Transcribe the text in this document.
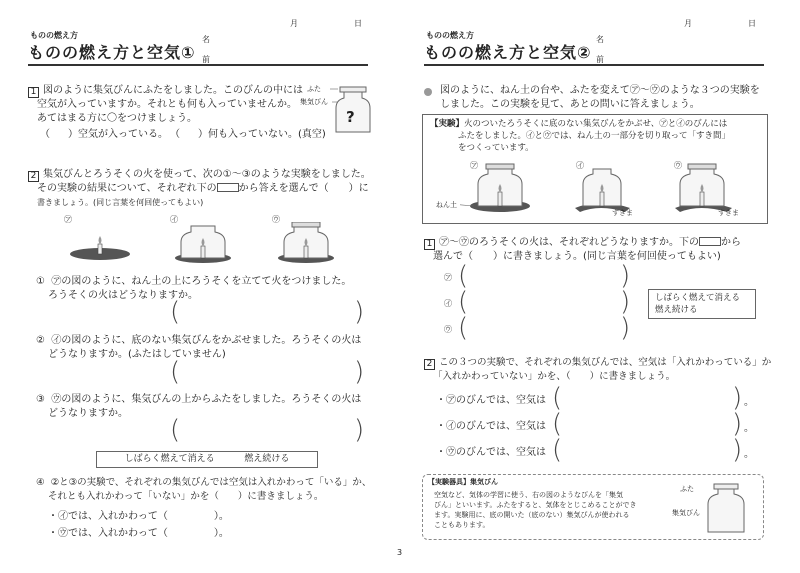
ものの燃え方
ものの燃え方と空気①
名
前
月	日
1 図のように集気びんにふたをしました。このびんの中には
空気が入っていますか。それとも何も入っていませんか。
あてはまる方に〇をつけましょう。
（ ）空気が入っている。 （ ）何も入っていない。(真空)
ふた
集気びん
?
2 集気びんとろうそくの火を使って、次の①～③のような実験をしました。
その実験の結果について、それぞれ下の から答えを選んで（　　）に
書きましょう。(同じ言葉を何回使ってもよい)
㋐	㋑	㋒
① ㋐の図のように、ねん土の上にろうそくを立てて火をつけました。
ろうそくの火はどうなりますか。
(	)
② ㋑の図のように、底のない集気びんをかぶせました。ろうそくの火は
どうなりますか。(ふたはしていません)
(	)
③ ㋒の図のように、集気びんの上からふたをしました。ろうそくの火は
どうなりますか。
(	)
しばらく燃えて消える	燃え続ける
④ ②と③の実験で、それぞれの集気びんでは空気は入れかわって「いる」か、
それとも入れかわって「いない」かを（　　）に書きましょう。
・㋑では、入れかわって（	）。
・㋒では、入れかわって（	）。
ものの燃え方
ものの燃え方と空気②
名
前
月	日
図のように、ねん土の台や、ふたを変えて㋐～㋒のような３つの実験を
しました。この実験を見て、あとの問いに答えましょう。
【実験】火のついたろうそくに底のない集気びんをかぶせ、㋐と㋑のびんには
ふたをしました。㋑と㋒では、ねん土の一部分を切り取って「すき間」
をつくっています。
㋐	㋑	㋒
ねん土
すきま	すきま
1 ㋐～㋒のろうそくの火は、それぞれどうなりますか。下の から
選んで（　　）に書きましょう。(同じ言葉を何回使ってもよい)
㋐ (	)
㋑ (	)
㋒ (	)
しばらく燃えて消える
燃え続ける
2 この３つの実験で、それぞれの集気びんでは、空気は「入れかわっている」か
「入れかわっていない」かを、（　　）に書きましょう。
・㋐のびんでは、空気は (	) 。
・㋑のびんでは、空気は (	) 。
・㋒のびんでは、空気は (	) 。
【実験器具】集気びん
空気など、気体の学習に使う、右の図のようなびんを「集気
びん」といいます。ふたをすると、気体をとじこめることができ
ます。実験用に、底の開いた（底のない）集気びんが使われる
こともあります。
ふた
集気びん
3
